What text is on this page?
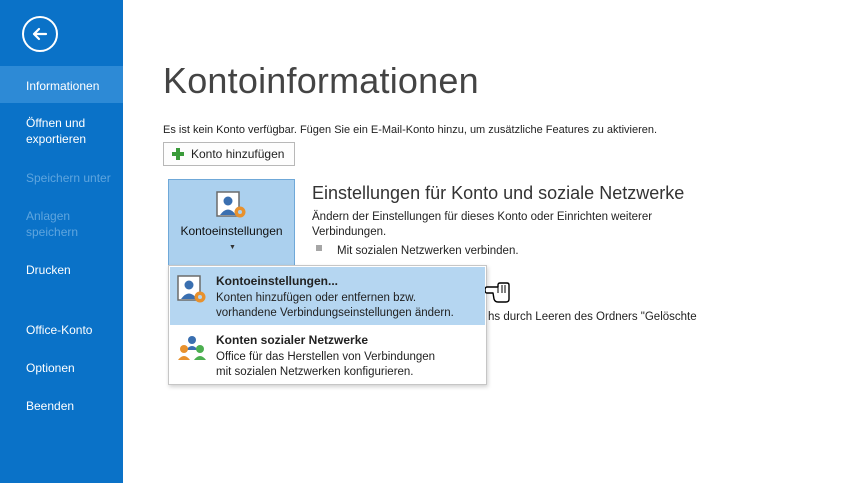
Informationen
Öffnen und
exportieren
Speichern unter
Anlagen
speichern
Drucken
Office-Konto
Optionen
Beenden
Kontoinformationen
Es ist kein Konto verfügbar. Fügen Sie ein E-Mail-Konto hinzu, um zusätzliche Features zu aktivieren.
Konto hinzufügen
Kontoeinstellungen
▼
Einstellungen für Konto und soziale Netzwerke
Ändern der Einstellungen für dieses Konto oder Einrichten weiterer Verbindungen.
Mit sozialen Netzwerken verbinden.
hs durch Leeren des Ordners "Gelöschte
Kontoeinstellungen...
Konten hinzufügen oder entfernen bzw.
vorhandene Verbindungseinstellungen ändern.
Konten sozialer Netzwerke
Office für das Herstellen von Verbindungen
mit sozialen Netzwerken konfigurieren.
